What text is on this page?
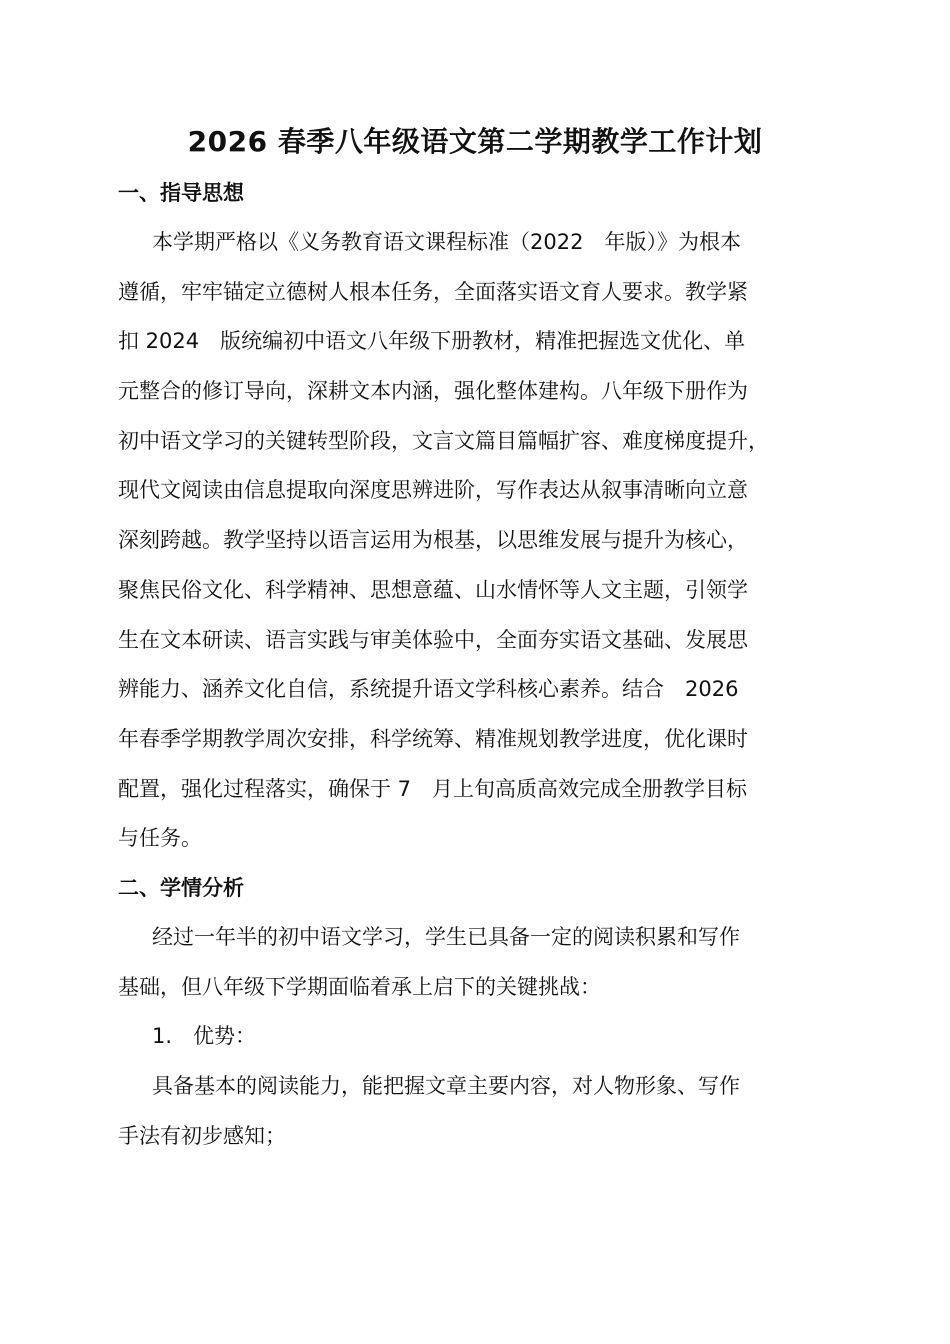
2026 春季八年级语文第二学期教学工作计划
一、指导思想
本学期严格以《义务教育语文课程标准（2022　年版）》为根本
遵循，牢牢锚定立德树人根本任务，全面落实语文育人要求。教学紧
扣 2024　版统编初中语文八年级下册教材，精准把握选文优化、单
元整合的修订导向，深耕文本内涵，强化整体建构。八年级下册作为
初中语文学习的关键转型阶段，文言文篇目篇幅扩容、难度梯度提升，
现代文阅读由信息提取向深度思辨进阶，写作表达从叙事清晰向立意
深刻跨越。教学坚持以语言运用为根基，以思维发展与提升为核心，
聚焦民俗文化、科学精神、思想意蕴、山水情怀等人文主题，引领学
生在文本研读、语言实践与审美体验中，全面夯实语文基础、发展思
辨能力、涵养文化自信，系统提升语文学科核心素养。结合　2026
年春季学期教学周次安排，科学统筹、精准规划教学进度，优化课时
配置，强化过程落实，确保于 7　月上旬高质高效完成全册教学目标
与任务。
二、学情分析
经过一年半的初中语文学习，学生已具备一定的阅读积累和写作
基础，但八年级下学期面临着承上启下的关键挑战：
1.　优势：
具备基本的阅读能力，能把握文章主要内容，对人物形象、写作
手法有初步感知；
